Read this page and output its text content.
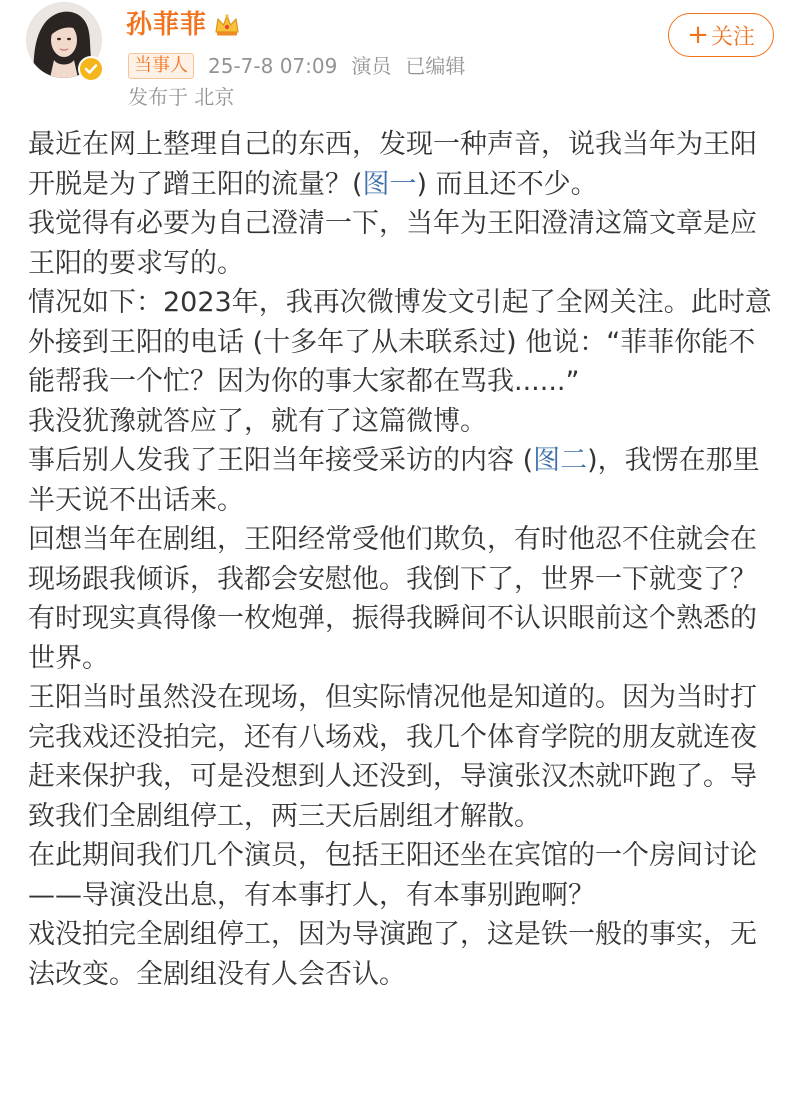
孙菲菲
当事人	25-7-8 07:09 演员 已编辑
发布于 北京
+ 关注

最近在网上整理自己的东西，发现一种声音，说我当年为王阳开脱是为了蹭王阳的流量？(图一) 而且还不少。

我觉得有必要为自己澄清一下，当年为王阳澄清这篇文章是应王阳的要求写的。

情况如下：2023年，我再次微博发文引起了全网关注。此时意外接到王阳的电话 (十多年了从未联系过) 他说：“菲菲你能不能帮我一个忙？因为你的事大家都在骂我......”

我没犹豫就答应了，就有了这篇微博。

事后别人发我了王阳当年接受采访的内容 (图二)，我愣在那里半天说不出话来。

回想当年在剧组，王阳经常受他们欺负，有时他忍不住就会在现场跟我倾诉，我都会安慰他。我倒下了，世界一下就变了？

有时现实真得像一枚炮弹，振得我瞬间不认识眼前这个熟悉的世界。

王阳当时虽然没在现场，但实际情况他是知道的。因为当时打完我戏还没拍完，还有八场戏，我几个体育学院的朋友就连夜赶来保护我，可是没想到人还没到，导演张汉杰就吓跑了。导致我们全剧组停工，两三天后剧组才解散。

在此期间我们几个演员，包括王阳还坐在宾馆的一个房间讨论——导演没出息，有本事打人，有本事别跑啊？

戏没拍完全剧组停工，因为导演跑了，这是铁一般的事实，无法改变。全剧组没有人会否认。
